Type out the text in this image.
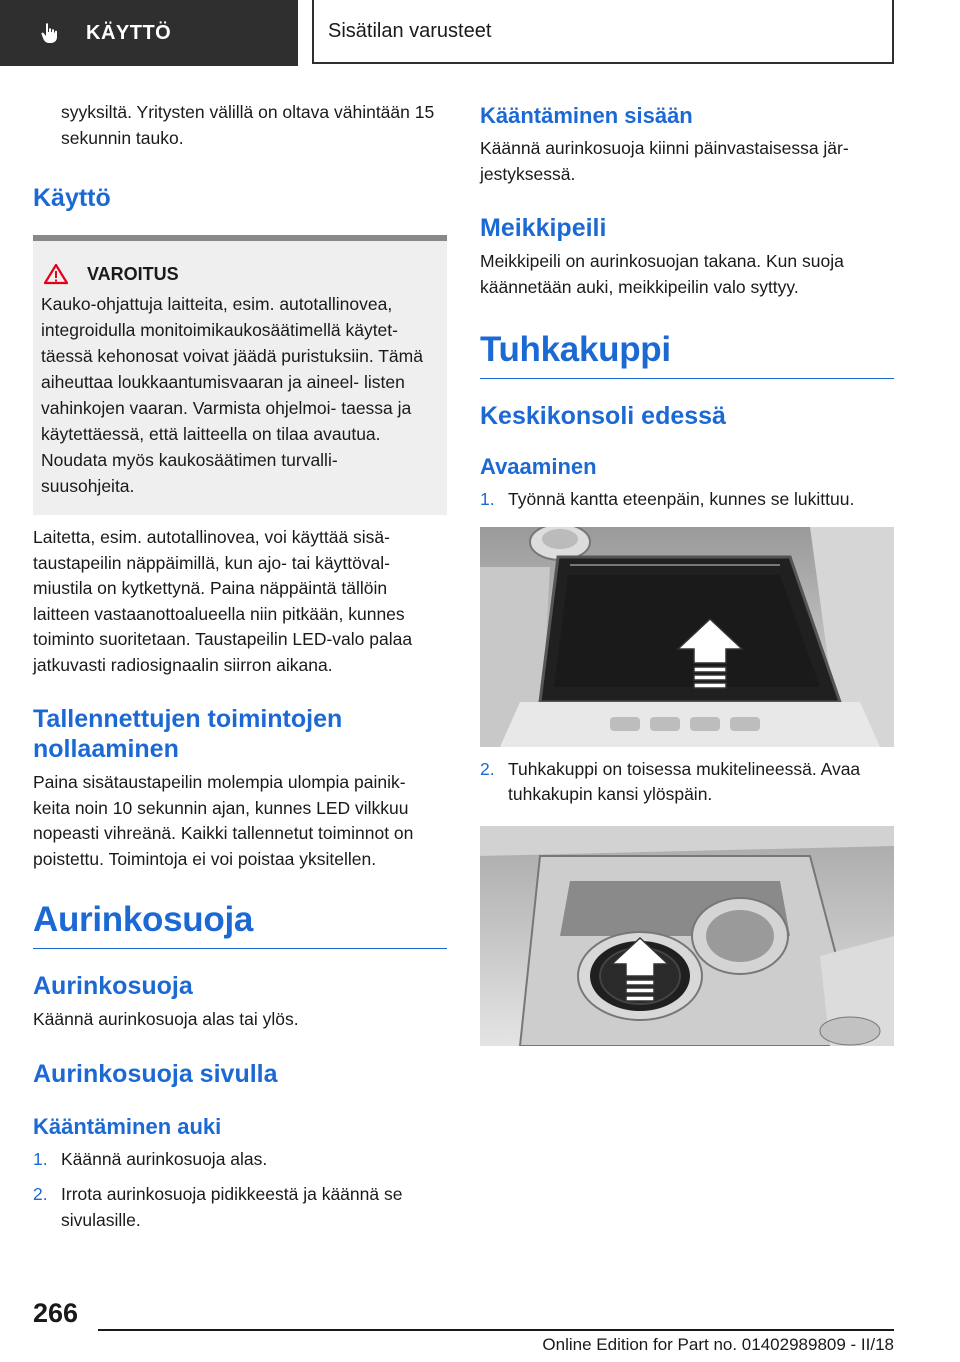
KÄYTTÖ	Sisätilan varusteet

syyksiltä. Yritysten välillä on oltava vähintään 15 sekunnin tauko.

Käyttö
VAROITUS

Kauko-ohjattuja laitteita, esim. autotallinovea, integroidulla monitoimikaukosäätimellä käytet- täessä kehonosat voivat jäädä puristuksiin. Tämä aiheuttaa loukkaantumisvaaran ja aineel- listen vahinkojen vaaran. Varmista ohjelmoi- taessa ja käytettäessä, että laitteella on tilaa avautua. Noudata myös kaukosäätimen turvalli- suusohjeita.

Laitetta, esim. autotallinovea, voi käyttää sisä- taustapeilin näppäimillä, kun ajo- tai käyttöval- miustila on kytkettynä. Paina näppäintä tällöin laitteen vastaanottoalueella niin pitkään, kunnes toiminto suoritetaan. Taustapeilin LED-valo palaa jatkuvasti radiosignaalin siirron aikana.

Tallennettujen toimintojen nollaaminen

Paina sisätaustapeilin molempia ulompia painik- keita noin 10 sekunnin ajan, kunnes LED vilkkuu nopeasti vihreänä. Kaikki tallennetut toiminnot on poistettu. Toimintoja ei voi poistaa yksitellen.

Aurinkosuoja
Aurinkosuoja

Käännä aurinkosuoja alas tai ylös.

Aurinkosuoja sivulla
Kääntäminen auki
1. Käännä aurinkosuoja alas.
2. Irrota aurinkosuoja pidikkeestä ja käännä se sivulasille.
Kääntäminen sisään

Käännä aurinkosuoja kiinni päinvastaisessa jär- jestyksessä.

Meikkipeili

Meikkipeili on aurinkosuojan takana. Kun suoja käännetään auki, meikkipeilin valo syttyy.

Tuhkakuppi
Keskikonsoli edessä
Avaaminen
1. Työnnä kantta eteenpäin, kunnes se lukittuu.
2. Tuhkakuppi on toisessa mukitelineessä. Avaa tuhkakupin kansi ylöspäin.
266
Online Edition for Part no. 01402989809 - II/18
